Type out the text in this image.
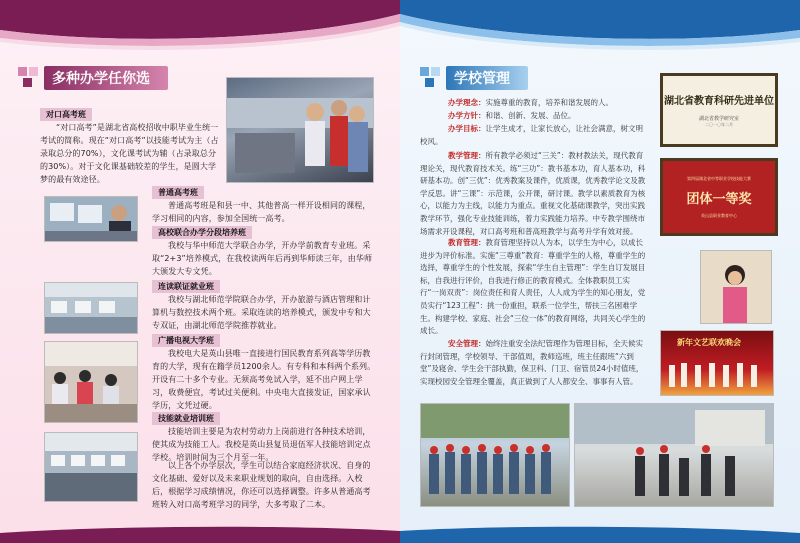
多种办学任你选
对口高考班
“对口高考”是湖北省高校招收中职毕业生统一考试的简称。现在“对口高考”以技能考试为主（占录取总分的70%），文化课考试为辅（占录取总分的30%）。对于文化课基础较差的学生，是圆大学梦的最有效途径。
普通高考班
普通高考班是和县一中、其他普高一样开设相同的课程，学习相同的内容，参加全国统一高考。
高校联合办学分段培养班
我校与华中师范大学联合办学，开办学前教育专业班。采取“2+3”培养模式，在我校读两年后再到华师读三年，由华师大颁发大专文凭。
连读联证就业班
我校与湖北师范学院联合办学，开办旅游与酒店管理和计算机与数控技术两个班。采取连读的培养模式，颁发中专和大专双证，由湖北师范学院推荐就业。
广播电视大学班
我校电大是英山县唯一直接进行国民教育系列高等学历教育的大学，现有在籍学员1200余人。有专科和本科两个系列。开设有二十多个专业。无须高考免试入学，延不出户网上学习，收费便宜，考试过关便利。中央电大直接发证，国家承认学历，文凭过硬。
技能就业培训班
技能培训主要是为农村劳动力上岗前进行各种技术培训，使其成为技能工人。我校是英山县复员退伍军人技能培训定点学校。培训时间为三个月至一年。
以上各个办学层次，学生可以结合家庭经济状况、自身的文化基础、爱好以及未来职业规划的取向，自由选择。入校后，根据学习成绩情况，你还可以选择调整。许多从普通高考班转入对口高考班学习的同学，大多考取了二本。
学校管理
办学理念：实施尊重的教育，培养和谐发展的人。
办学方针：和谐、创新、发展、品位。
办学目标：让学生成才，让家长放心，让社会满意，树文明校风。
教学管理：所有教学必须过“三关”：教材教法关，现代教育理论关，现代教育技术关。练“三功”：教书基本功，育人基本功，科研基本功。创“三优”：优秀教案及课件，优质课，优秀教学论文及教学反思。讲“三课”：示范课，公开课，研讨课。教学以素质教育为核心，以能力为主线，以能力为重点。重视文化基础课教学，突出实践教学环节，强化专业技能训练，着力实践能力培养。中专教学围绕市场需求开设课程，对口高考班和普高班教学与高考升学有效对接。
教育管理：教育管理坚持以人为本，以学生为中心，以成长进步为评价标准。实施“三尊重”教育：尊重学生的人格，尊重学生的选择，尊重学生的个性发展，探索“学生自主管理”：学生自订发展目标，自我进行评价，自我进行修正的教育模式。全体教职员工实行“一岗双责”：岗位责任和育人责任，人人成为学生的知心朋友，党员实行“123工程”：挑一份重担，联系一位学生，帮扶三名困难学生。构建学校、家庭、社会“三位一体”的教育网络，共同关心学生的成长。
安全管理：始终注重安全法纪管理作为管理目标，全天候实行封闭管理，学校领导、干部值周，教师巡班，班主任跟班“六到堂”及寝舍、学生会干部执勤，保卫科、门卫、宿管员24小时值班，实现校园安全管理全覆盖，真正做到了人人都安全、事事有人管。
湖北省教育科研先进单位
湖北省教学研究室
二〇一〇年二月
第四届湖北省中等职业学校技能大赛
团体一等奖
英山县职业教育中心
新年文艺联欢晚会
